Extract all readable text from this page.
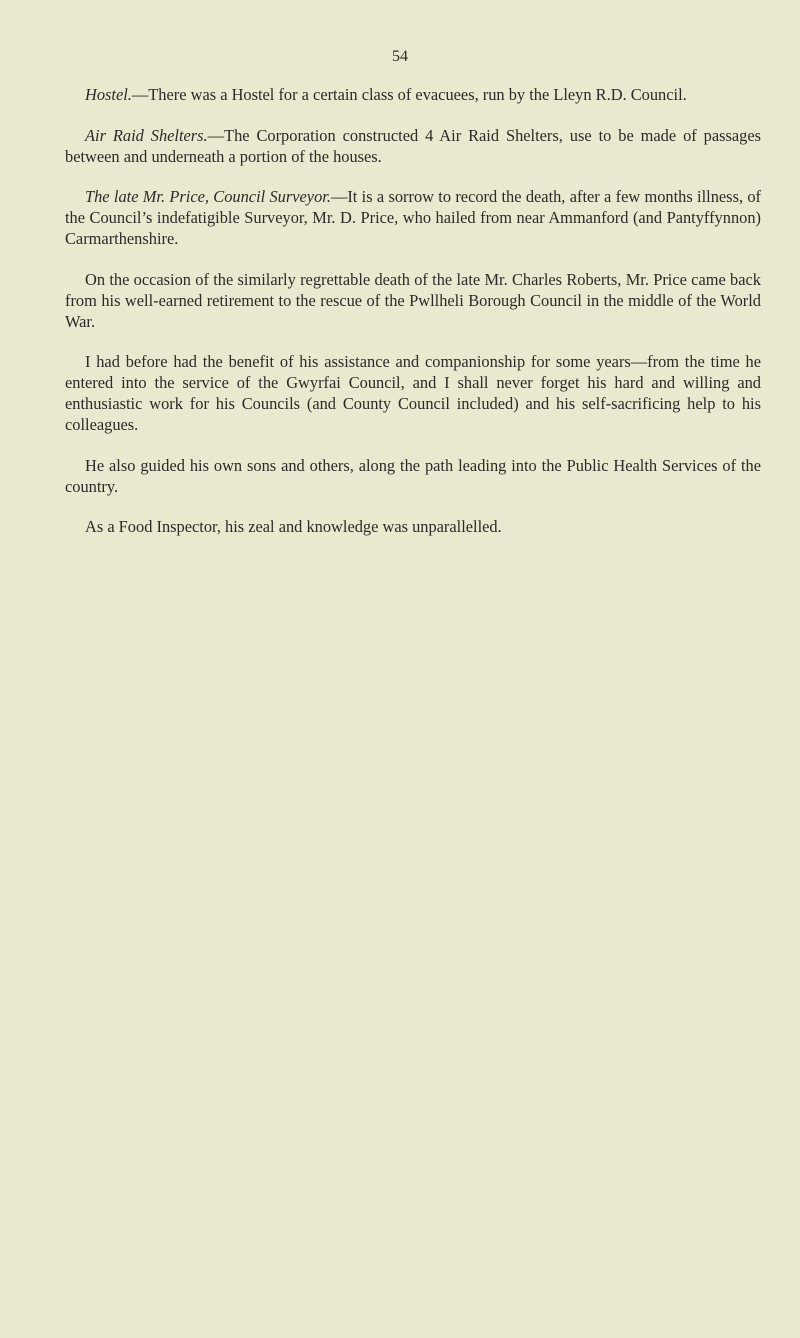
54

Hostel.—There was a Hostel for a certain class of evacuees, run by the Lleyn R.D. Council.

Air Raid Shelters.—The Corporation constructed 4 Air Raid Shelters, use to be made of passages between and underneath a portion of the houses.

The late Mr. Price, Council Surveyor.—It is a sorrow to record the death, after a few months illness, of the Council’s indefatigible Surveyor, Mr. D. Price, who hailed from near Ammanford (and Pantyffynnon) Carmarthenshire.

On the occasion of the similarly regrettable death of the late Mr. Charles Roberts, Mr. Price came back from his well-earned retirement to the rescue of the Pwllheli Borough Council in the middle of the World War.

I had before had the benefit of his assistance and companionship for some years—from the time he entered into the service of the Gwyrfai Council, and I shall never forget his hard and willing and enthusiastic work for his Councils (and County Council included) and his self-sacrificing help to his colleagues.

He also guided his own sons and others, along the path leading into the Public Health Services of the country.

As a Food Inspector, his zeal and knowledge was unparallelled.
